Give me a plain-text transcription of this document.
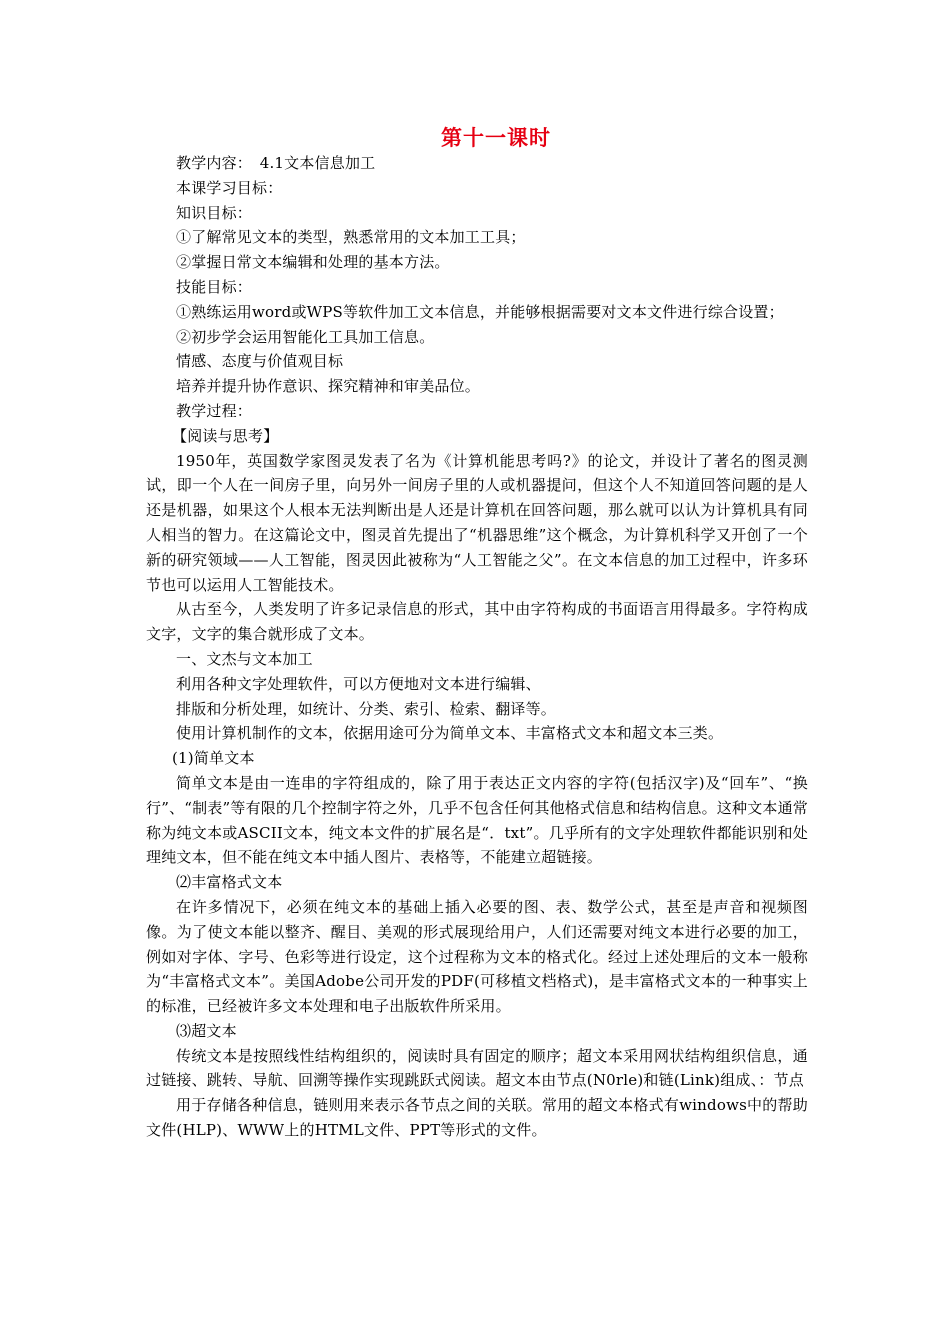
第十一课时

教学内容：　4.1文本信息加工

本课学习目标：

知识目标：

①了解常见文本的类型，熟悉常用的文本加工工具；

②掌握日常文本编辑和处理的基本方法。

技能目标：

①熟练运用word或WPS等软件加工文本信息，并能够根据需要对文本文件进行综合设置；

②初步学会运用智能化工具加工信息。

情感、态度与价值观目标

培养并提升协作意识、探究精神和审美品位。

教学过程：

【阅读与思考】

1950年，英国数学家图灵发表了名为《计算机能思考吗?》的论文，并设计了著名的图灵测试，即一个人在一间房子里，向另外一间房子里的人或机器提问，但这个人不知道回答问题的是人还是机器，如果这个人根本无法判断出是人还是计算机在回答问题，那么就可以认为计算机具有同人相当的智力。在这篇论文中，图灵首先提出了“机器思维”这个概念，为计算机科学又开创了一个新的研究领域——人工智能，图灵因此被称为“人工智能之父”。在文本信息的加工过程中，许多环节也可以运用人工智能技术。

从古至今，人类发明了许多记录信息的形式，其中由字符构成的书面语言用得最多。字符构成文字，文字的集合就形成了文本。

一、文杰与文本加工

利用各种文字处理软件，可以方便地对文本进行编辑、

排版和分析处理，如统计、分类、索引、检索、翻译等。

使用计算机制作的文本，依据用途可分为简单文本、丰富格式文本和超文本三类。

(1)简单文本

简单文本是由一连串的字符组成的，除了用于表达正文内容的字符(包括汉字)及“回车”、“换行”、“制表”等有限的几个控制字符之外，几乎不包含任何其他格式信息和结构信息。这种文本通常称为纯文本或ASCII文本，纯文本文件的扩展名是“．txt”。几乎所有的文字处理软件都能识别和处理纯文本，但不能在纯文本中插人图片、表格等，不能建立超链接。

⑵丰富格式文本

在许多情况下，必须在纯文本的基础上插入必要的图、表、数学公式，甚至是声音和视频图像。为了使文本能以整齐、醒目、美观的形式展现给用户，人们还需要对纯文本进行必要的加工，例如对字体、字号、色彩等进行设定，这个过程称为文本的格式化。经过上述处理后的文本一般称为“丰富格式文本”。美国Adobe公司开发的PDF(可移植文档格式)，是丰富格式文本的一种事实上的标准，已经被许多文本处理和电子出版软件所采用。

⑶超文本

传统文本是按照线性结构组织的，阅读时具有固定的顺序；超文本采用网状结构组织信息，通过链接、跳转、导航、回溯等操作实现跳跃式阅读。超文本由节点(N0rle)和链(Link)组成、：节点

用于存储各种信息，链则用来表示各节点之间的关联。常用的超文本格式有windows中的帮助文件(HLP)、WWW上的HTML文件、PPT等形式的文件。
